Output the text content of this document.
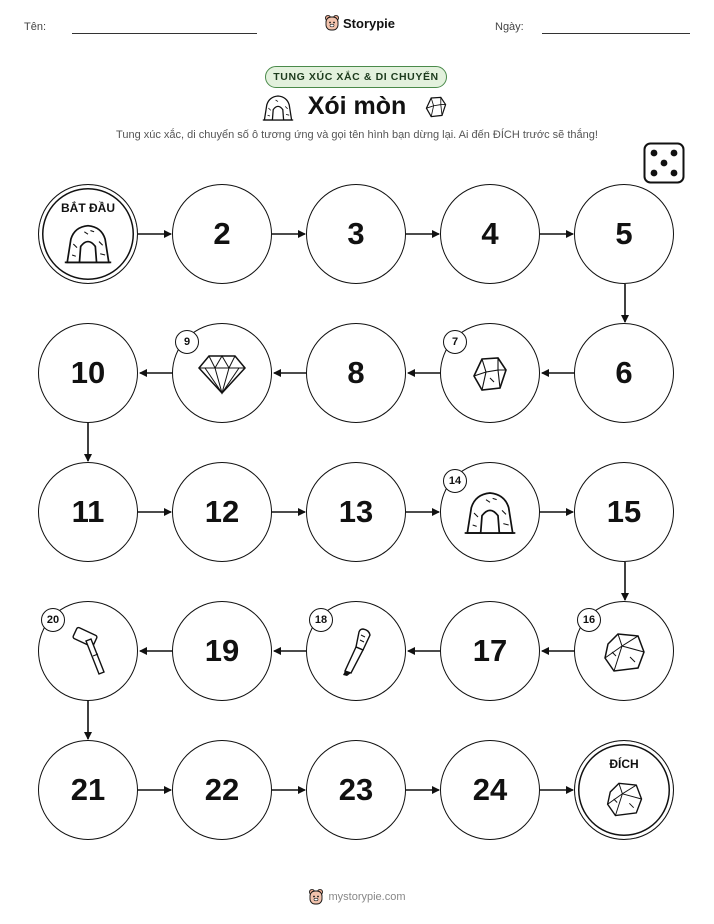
Tên:	Storypie	Ngày:
TUNG XÚC XẮC & DI CHUYỂN
Xói mòn
Tung xúc xắc, di chuyển số ô tương ứng và gọi tên hình bạn dừng lại. Ai đến ĐÍCH trước sẽ thắng!
BẮT ĐẦU
2	3	4	5
10
9
8
7
6
11	12	13
14
15
20
19
18
17
16
21	22	23	24
ĐÍCH
mystorypie.com
